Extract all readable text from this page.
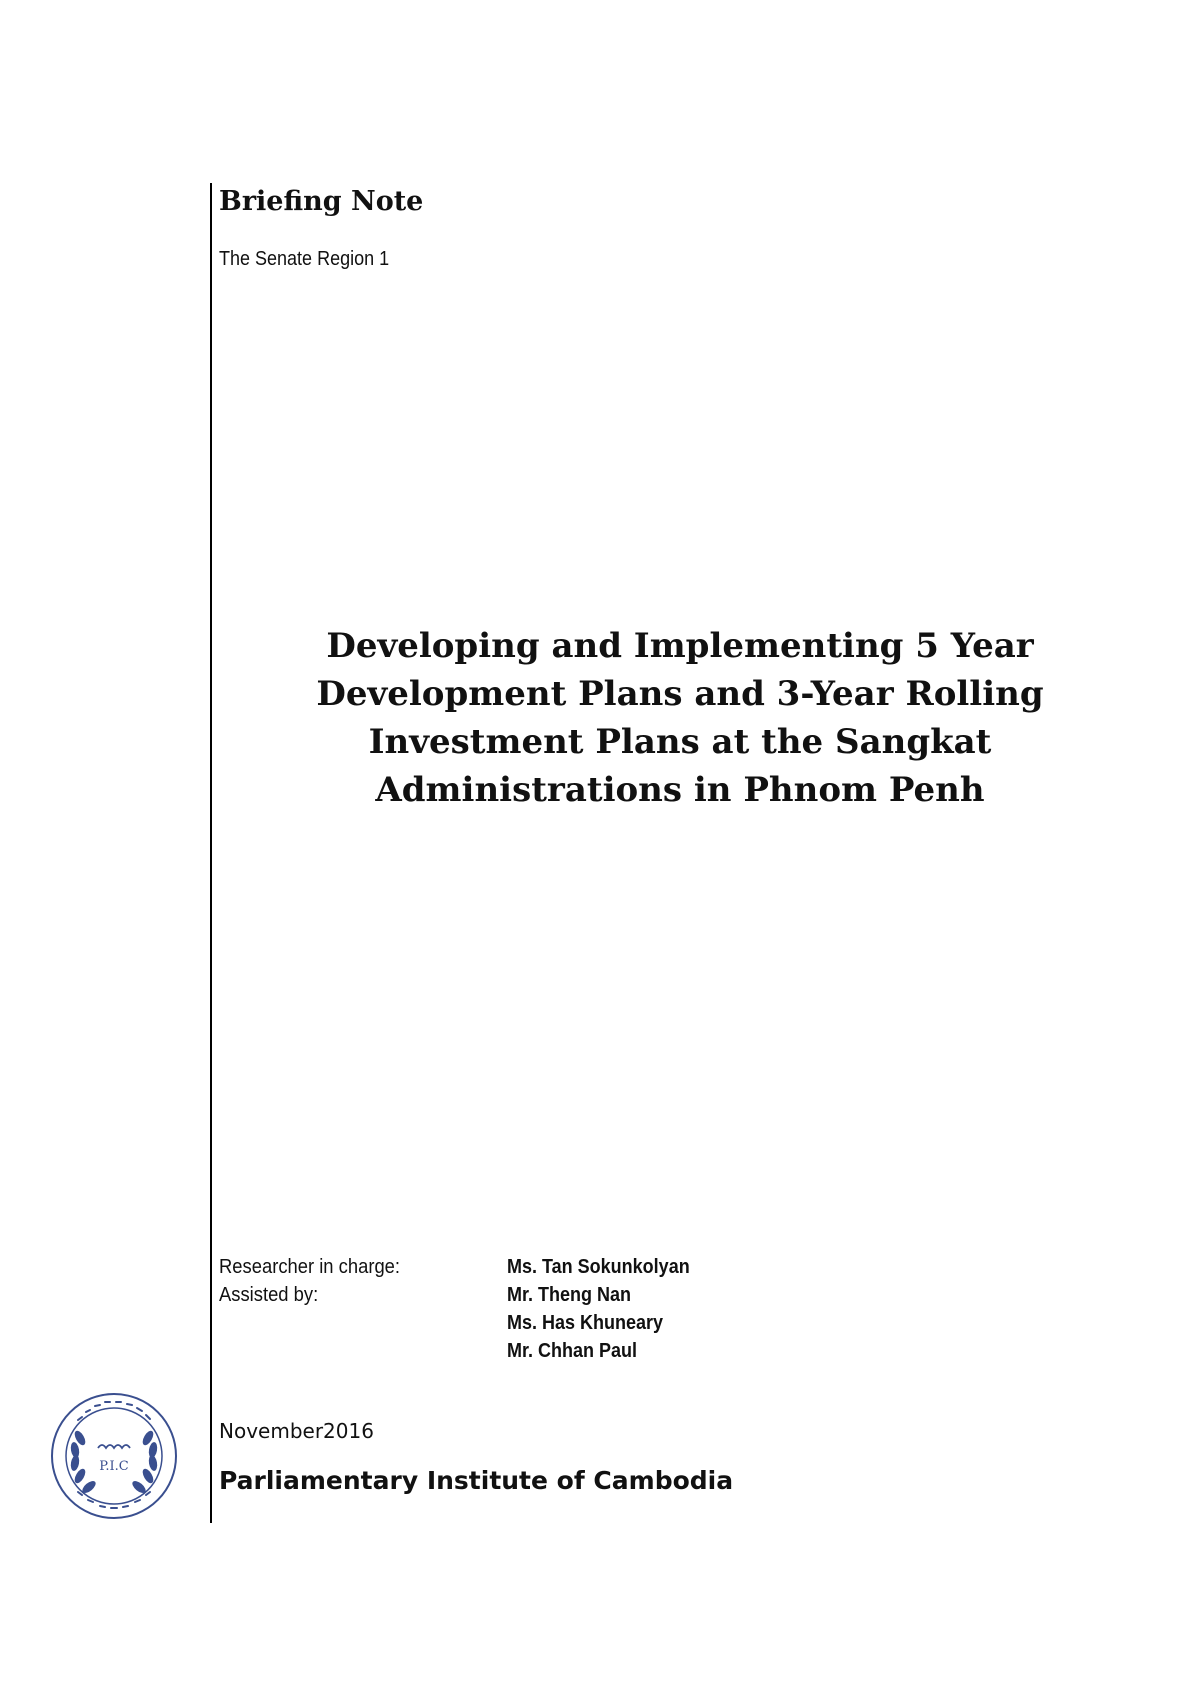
Briefing Note
The Senate Region 1
Developing and Implementing 5 Year
Development Plans and 3-Year Rolling
Investment Plans at the Sangkat
Administrations in Phnom Penh
Researcher in charge:	Ms. Tan Sokunkolyan
Assisted by:	Mr. Theng Nan
Ms. Has Khuneary
Mr. Chhan Paul
P.I.C
November2016
Parliamentary Institute of Cambodia
